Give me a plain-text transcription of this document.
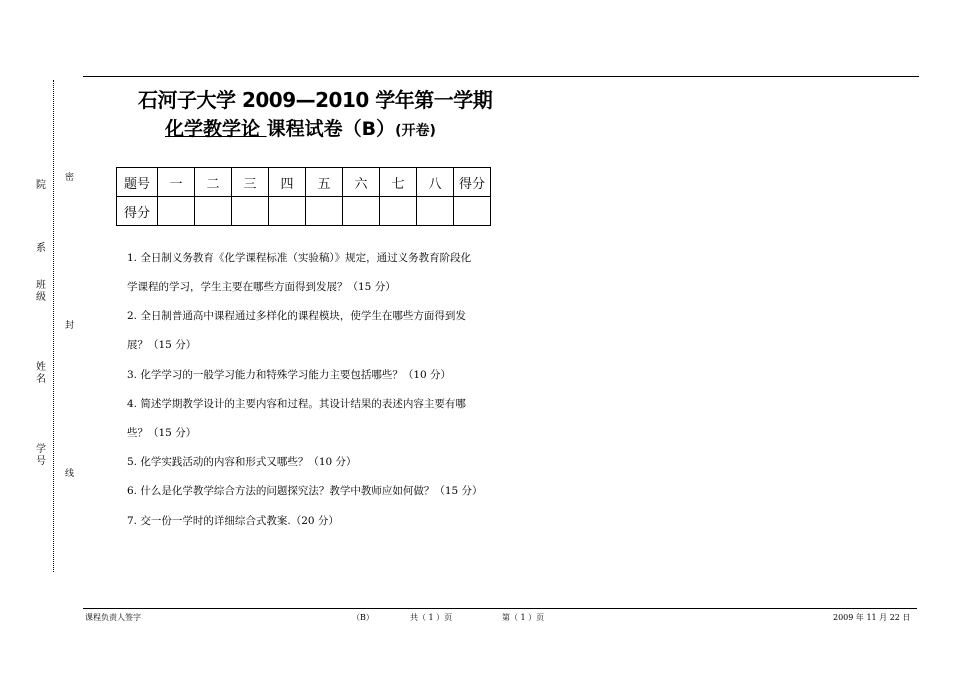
院
系
班级
姓名
学号
密
封
线
石河子大学 2009—2010 学年第一学期
化学教学论 课程试卷（B）(开卷)
题号	一	二	三	四	五	六	七	八	得分
得分									
1. 全日制义务教育《化学课程标准（实验稿）》规定，通过义务教育阶段化
学课程的学习，学生主要在哪些方面得到发展？（15 分）
2. 全日制普通高中课程通过多样化的课程模块，使学生在哪些方面得到发
展？（15 分）
3. 化学学习的一般学习能力和特殊学习能力主要包括哪些？（10 分）
4. 简述学期教学设计的主要内容和过程。其设计结果的表述内容主要有哪
些？（15 分）
5. 化学实践活动的内容和形式又哪些？（10 分）
6. 什么是化学教学综合方法的问题探究法？教学中教师应如何做？（15 分）
7. 交一份一学时的详细综合式教案.（20 分）
课程负责人签字	（B）	共（ 1 ）页	第（ 1 ）页	2009 年 11 月 22 日
